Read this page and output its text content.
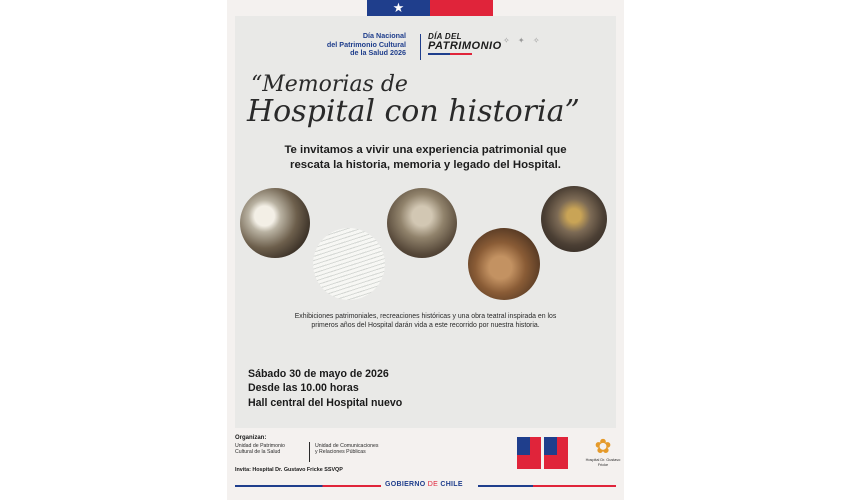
★
Día Nacional
del Patrimonio Cultural
de la Salud 2026
DÍA DEL
PATRIMONIO ✧ ✦ ✧
“Memorias de
Hospital con historia”
Te invitamos a vivir una experiencia patrimonial que
rescata la historia, memoria y legado del Hospital.
Exhibiciones patrimoniales, recreaciones históricas y una obra teatral inspirada en los
primeros años del Hospital darán vida a este recorrido por nuestra historia.
Sábado 30 de mayo de 2026
Desde las 10.00 horas
Hall central del Hospital nuevo
Organizan:
Unidad de Patrimonio
Cultural de la Salud
Unidad de Comunicaciones
y Relaciones Públicas
Invita: Hospital Dr. Gustavo Fricke SSVQP
✿
Hospital Dr. Gustavo Fricke
GOBIERNO DE CHILE
